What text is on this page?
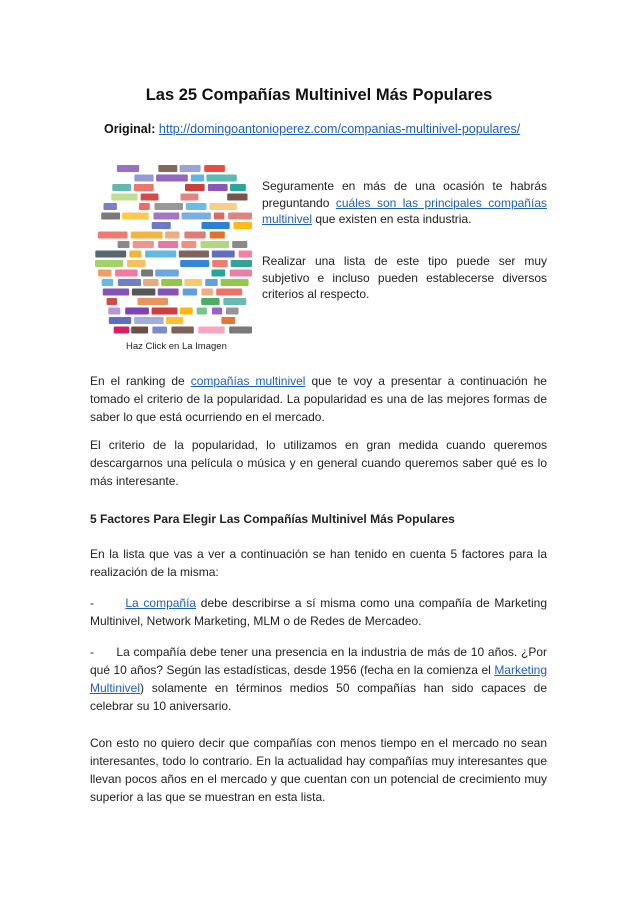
Las 25 Compañías Multinivel Más Populares
Original: http://domingoantonioperez.com/companias-multinivel-populares/
Haz Click en La Imagen

Seguramente en más de una ocasión te habrás preguntando cuáles son las principales compañías multinivel que existen en esta industria.

Realizar una lista de este tipo puede ser muy subjetivo e incluso pueden establecerse diversos criterios al respecto.

En el ranking de compañías multinivel que te voy a presentar a continuación he tomado el criterio de la popularidad. La popularidad es una de las mejores formas de saber lo que está ocurriendo en el mercado.

El criterio de la popularidad, lo utilizamos en gran medida cuando queremos descargarnos una película o música y en general cuando queremos saber qué es lo más interesante.

5 Factores Para Elegir Las Compañías Multinivel Más Populares

En la lista que vas a ver a continuación se han tenido en cuenta 5 factores para la realización de la misma:

-	La compañía debe describirse a sí misma como una compañía de Marketing Multinivel, Network Marketing, MLM o de Redes de Mercadeo.

-      La compañía debe tener una presencia en la industria de más de 10 años. ¿Por qué 10 años? Según las estadísticas, desde 1956 (fecha en la comienza el Marketing Multinivel) solamente en términos medios 50 compañías han sido capaces de celebrar su 10 aniversario.

Con esto no quiero decir que compañías con menos tiempo en el mercado no sean interesantes, todo lo contrario. En la actualidad hay compañías muy interesantes que llevan pocos años en el mercado y que cuentan con un potencial de crecimiento muy superior a las que se muestran en esta lista.
